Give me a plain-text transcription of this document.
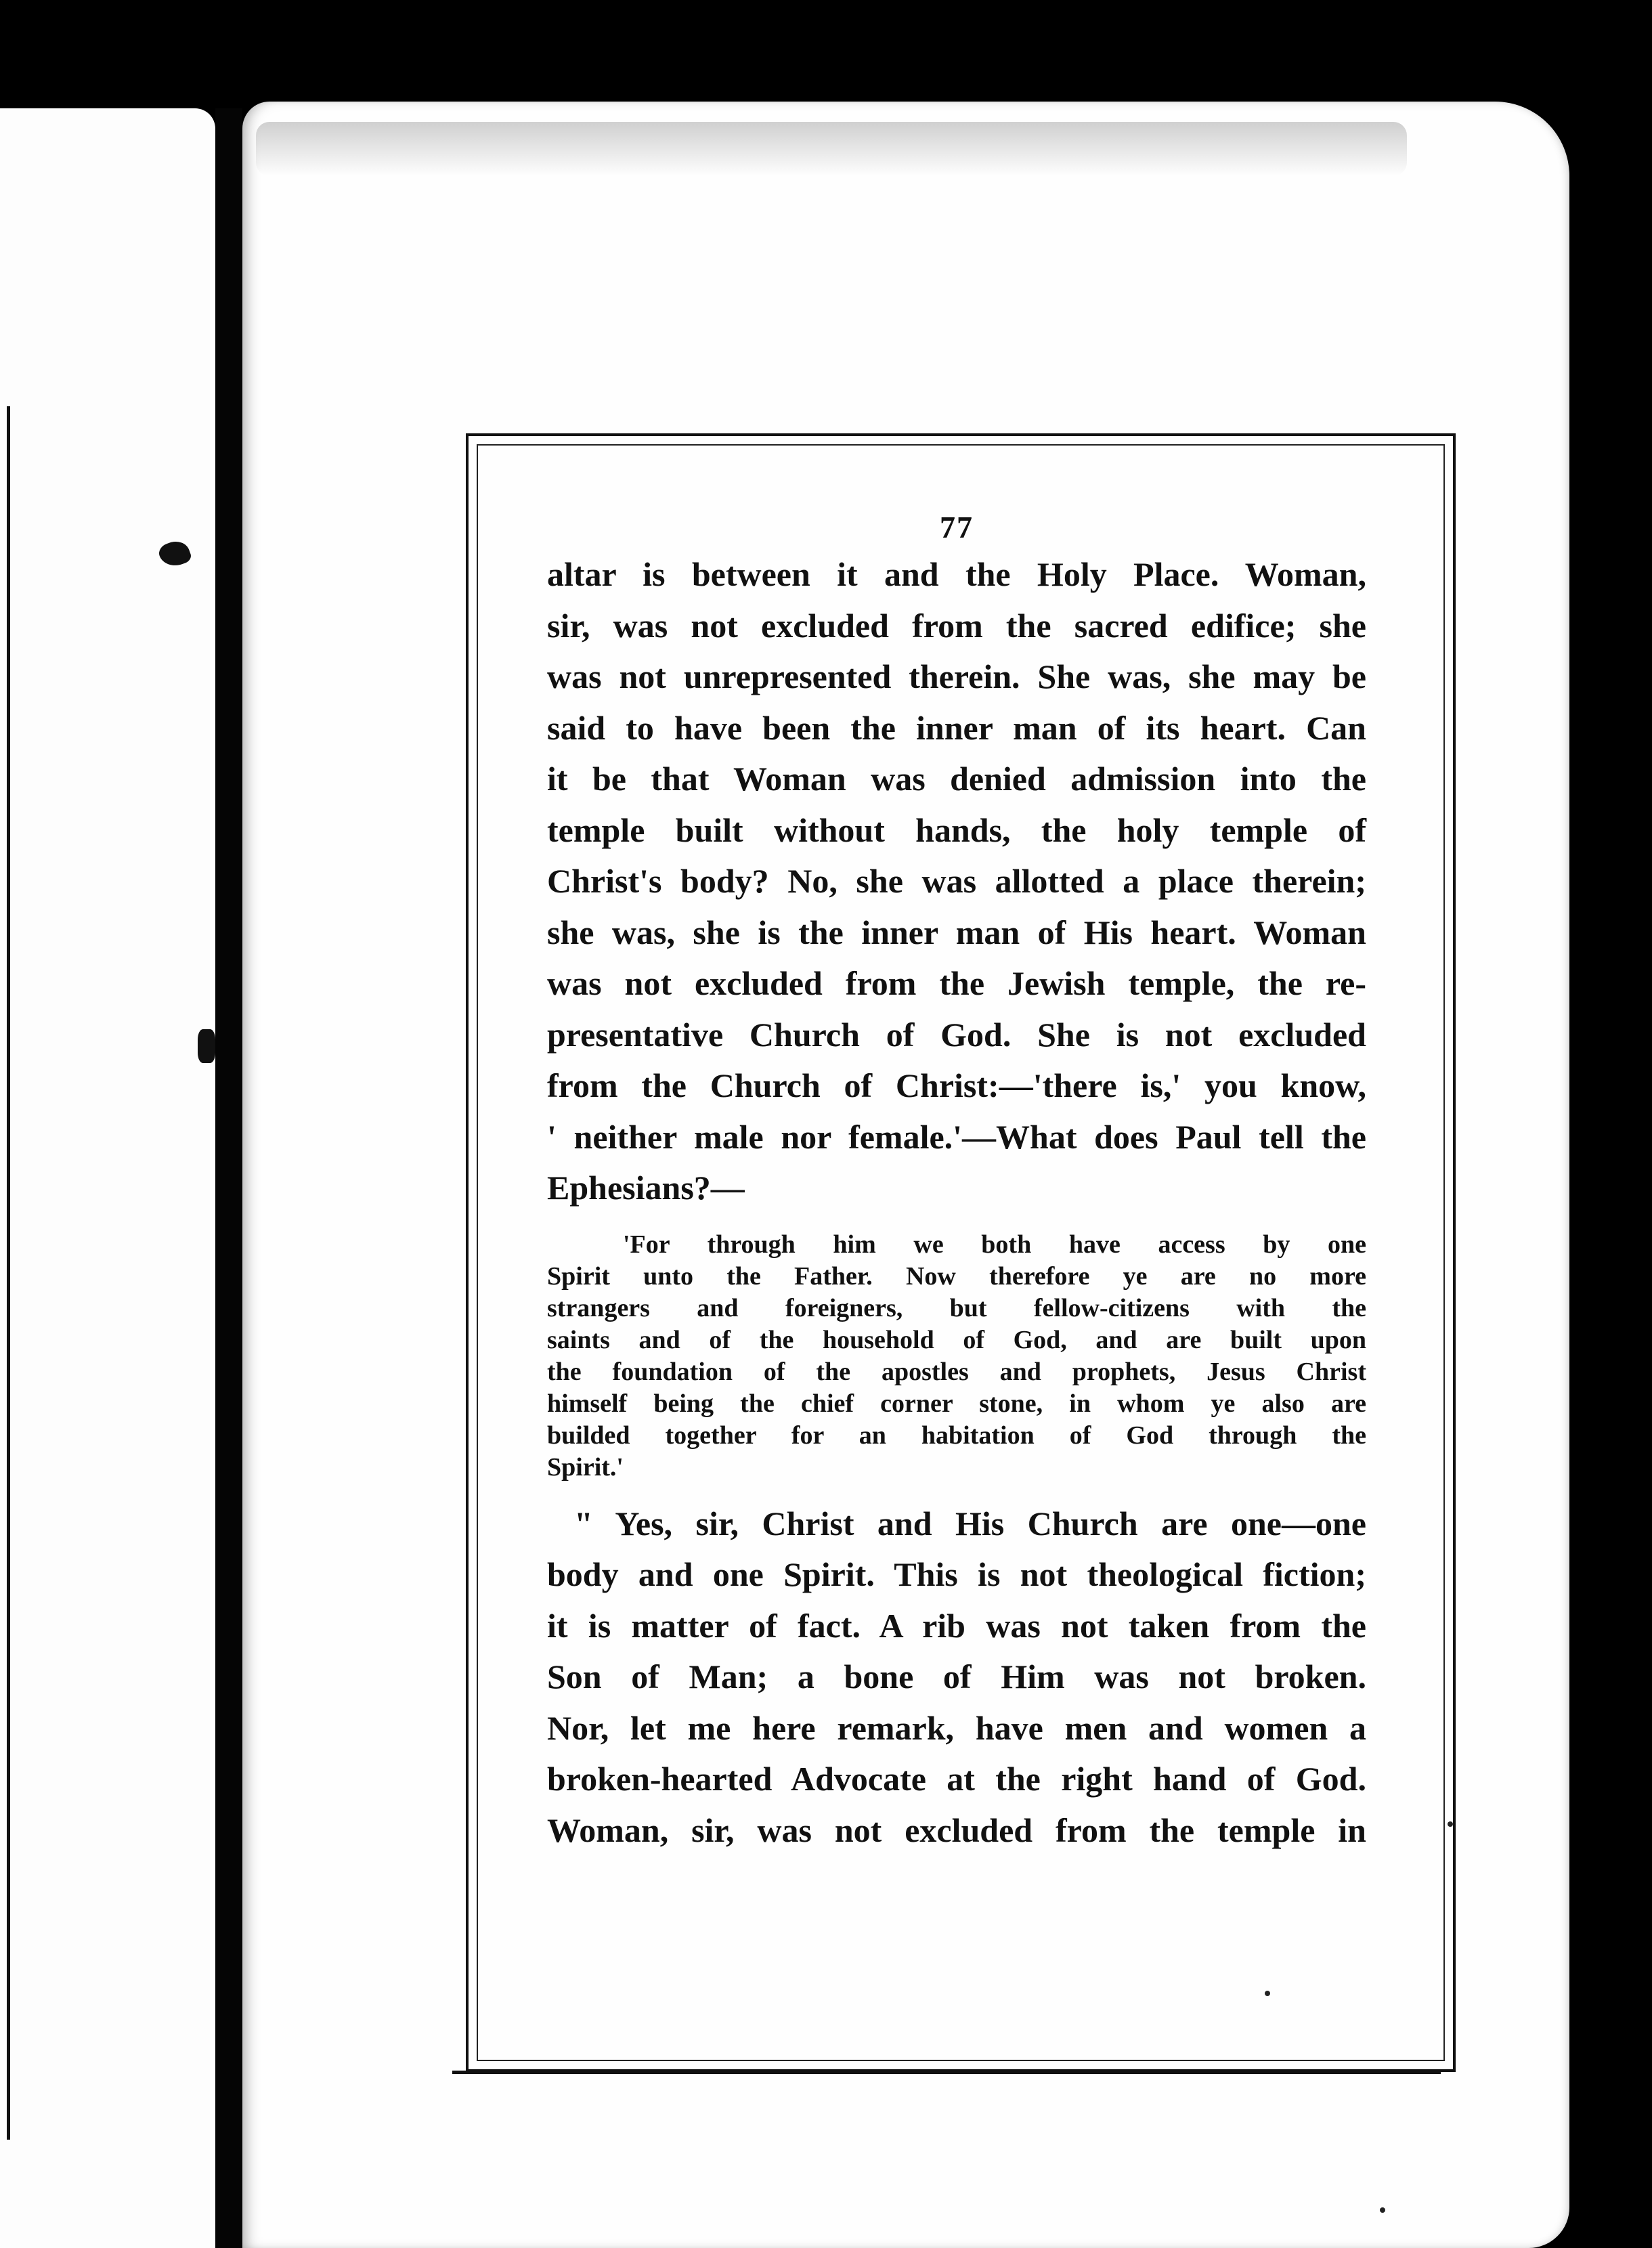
77
altar is between it and the Holy Place. Woman,
sir, was not excluded from the sacred edifice; she
was not unrepresented therein. She was, she may be
said to have been the inner man of its heart. Can
it be that Woman was denied admission into the
temple built without hands, the holy temple of
Christ's body? No, she was allotted a place therein;
she was, she is the inner man of His heart. Woman
was not excluded from the Jewish temple, the re-
presentative Church of God. She is not excluded
from the Church of Christ:—'there is,' you know,
' neither male nor female.'—What does Paul tell the
Ephesians?—
'For through him we both have access by one
Spirit unto the Father. Now therefore ye are no more
strangers and foreigners, but fellow-citizens with the
saints and of the household of God, and are built upon
the foundation of the apostles and prophets, Jesus Christ
himself being the chief corner stone, in whom ye also are
builded together for an habitation of God through the
Spirit.'
" Yes, sir, Christ and His Church are one—one
body and one Spirit. This is not theological fiction;
it is matter of fact. A rib was not taken from the
Son of Man; a bone of Him was not broken.
Nor, let me here remark, have men and women a
broken-hearted Advocate at the right hand of God.
Woman, sir, was not excluded from the temple in
